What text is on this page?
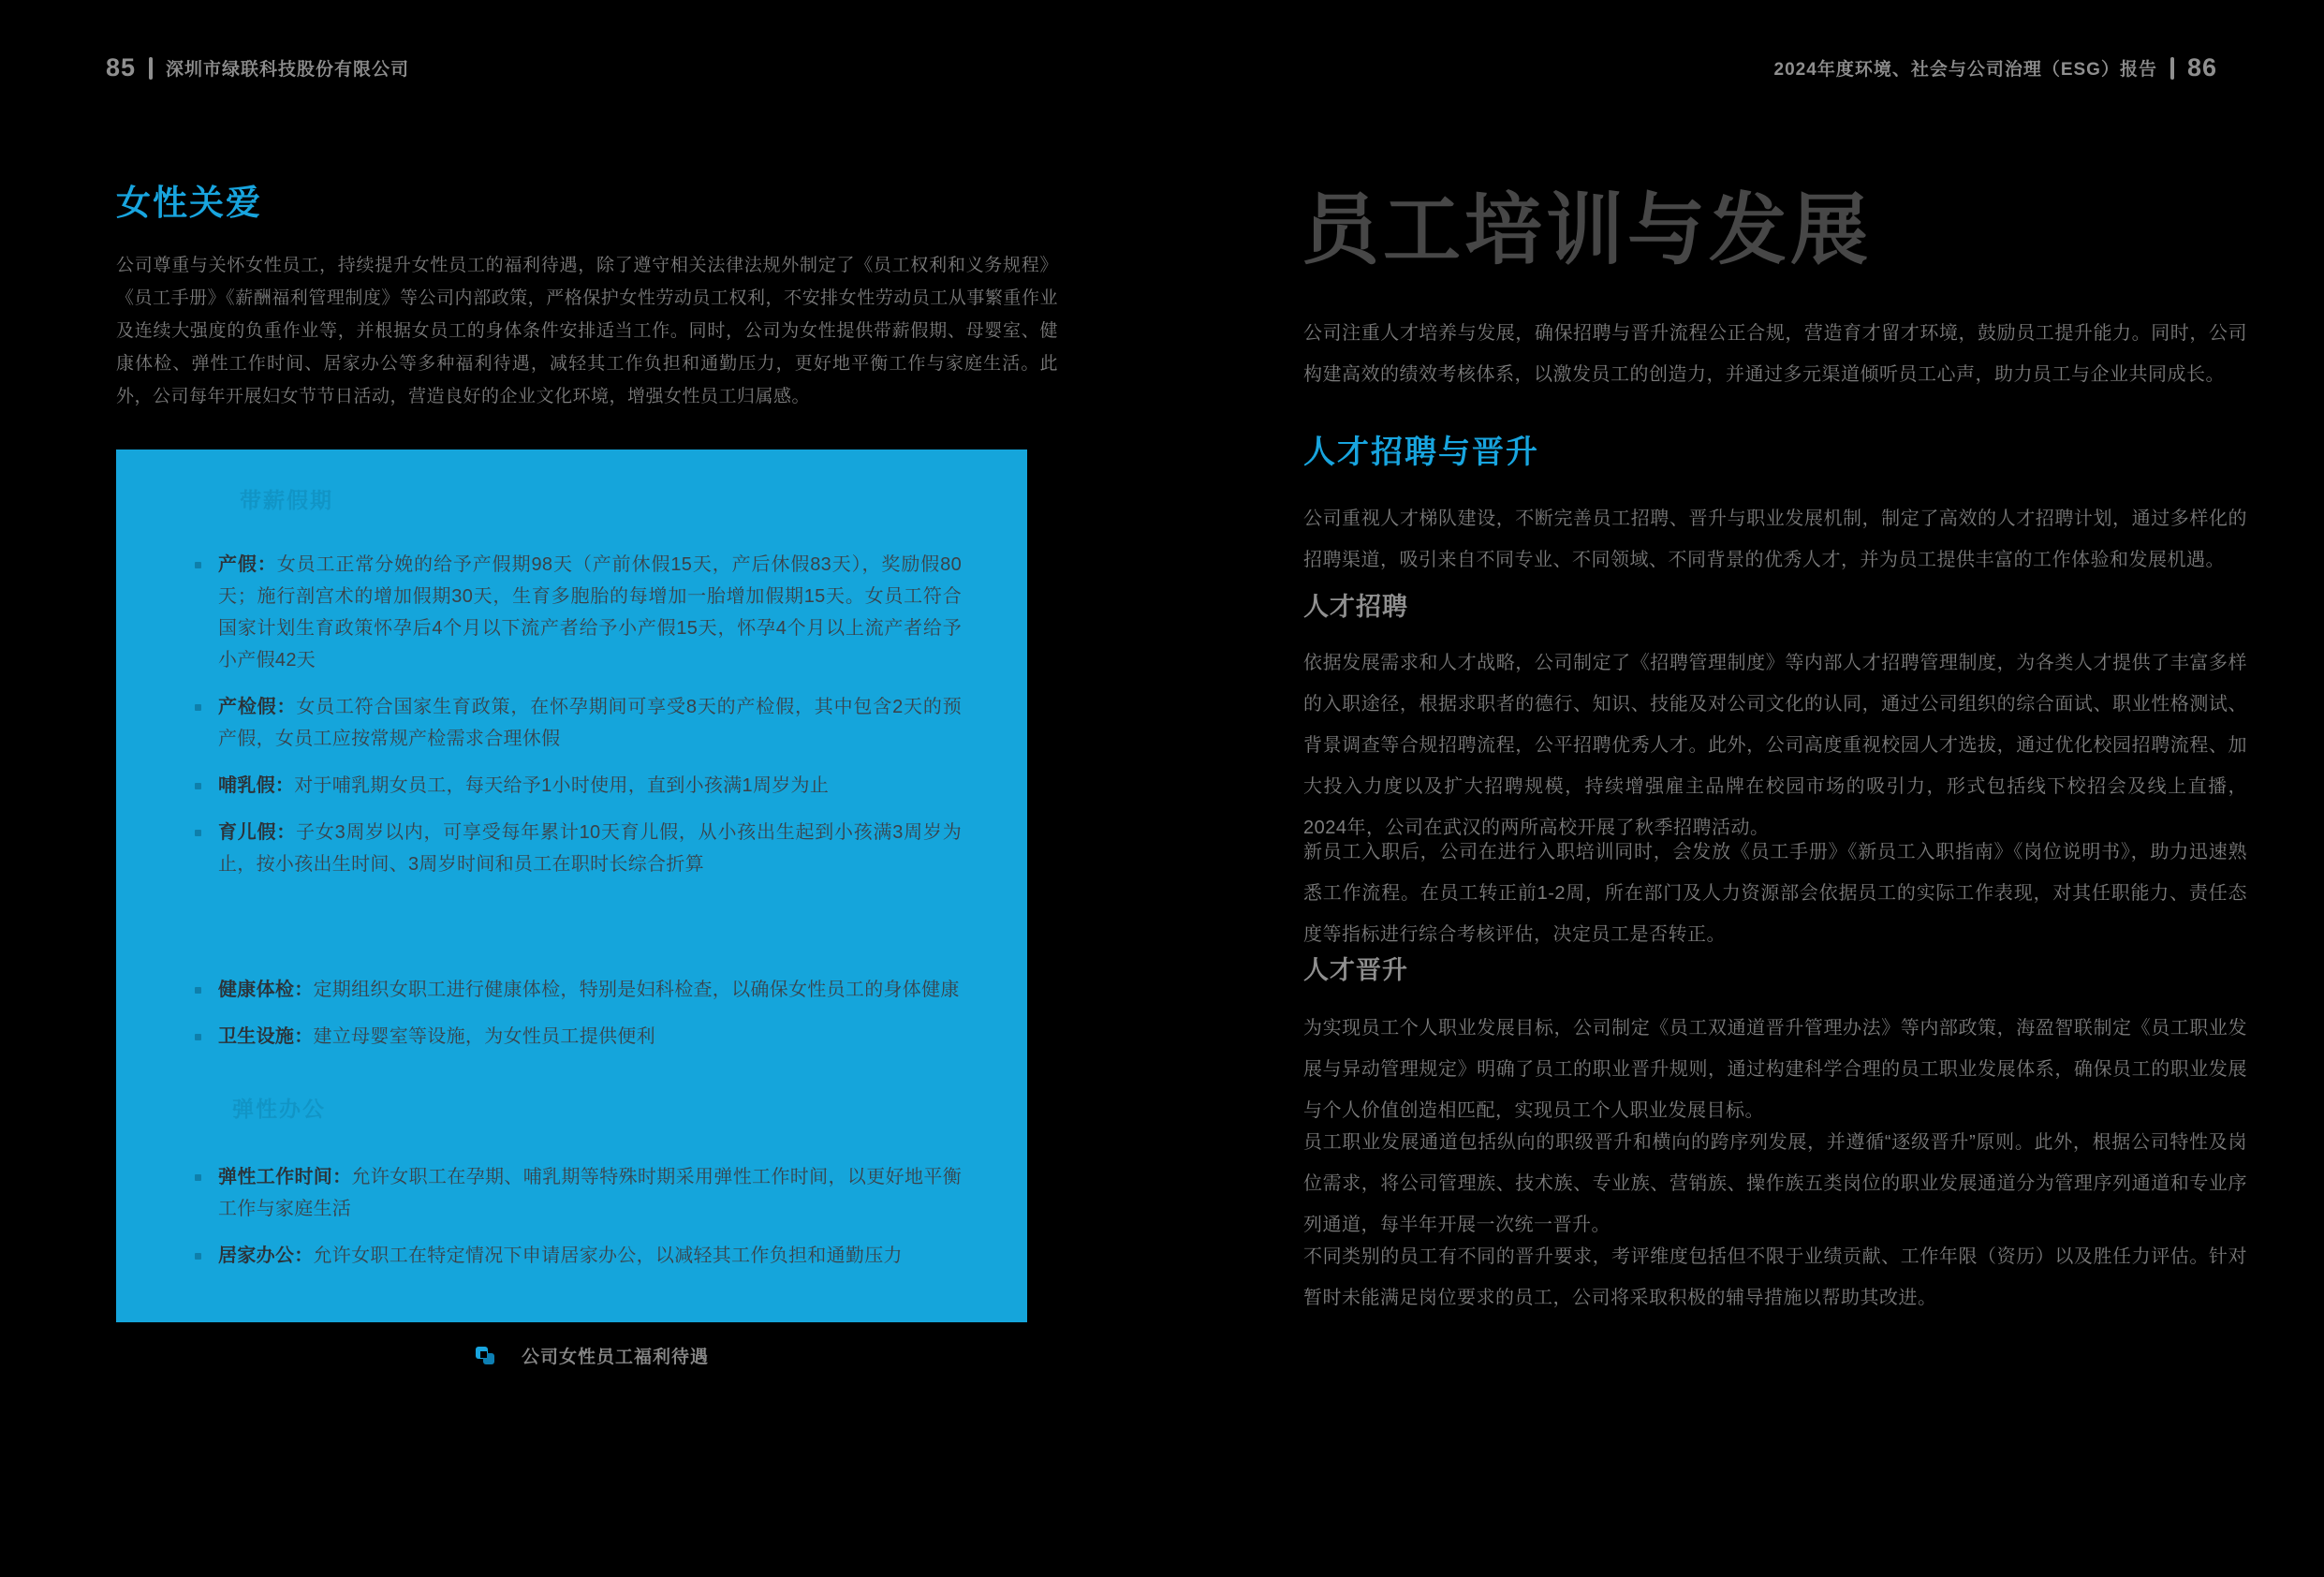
85 深圳市绿联科技股份有限公司	2024年度环境、社会与公司治理（ESG）报告 86
女性关爱

公司尊重与关怀女性员工，持续提升女性员工的福利待遇，除了遵守相关法律法规外制定了《员工权利和义务规程》《员工手册》《薪酬福利管理制度》等公司内部政策，严格保护女性劳动员工权利，不安排女性劳动员工从事繁重作业及连续大强度的负重作业等，并根据女员工的身体条件安排适当工作。同时，公司为女性提供带薪假期、母婴室、健康体检、弹性工作时间、居家办公等多种福利待遇，减轻其工作负担和通勤压力，更好地平衡工作与家庭生活。此外，公司每年开展妇女节节日活动，营造良好的企业文化环境，增强女性员工归属感。

带薪假期
产假：女员工正常分娩的给予产假期98天（产前休假15天，产后休假83天），奖励假80天；施行剖宫术的增加假期30天，生育多胞胎的每增加一胎增加假期15天。女员工符合国家计划生育政策怀孕后4个月以下流产者给予小产假15天，怀孕4个月以上流产者给予小产假42天
产检假：女员工符合国家生育政策，在怀孕期间可享受8天的产检假，其中包含2天的预产假，女员工应按常规产检需求合理休假
哺乳假：对于哺乳期女员工，每天给予1小时使用，直到小孩满1周岁为止
育儿假：子女3周岁以内，可享受每年累计10天育儿假，从小孩出生起到小孩满3周岁为止，按小孩出生时间、3周岁时间和员工在职时长综合折算
健康体检：定期组织女职工进行健康体检，特别是妇科检查，以确保女性员工的身体健康
卫生设施：建立母婴室等设施，为女性员工提供便利
弹性办公
弹性工作时间：允许女职工在孕期、哺乳期等特殊时期采用弹性工作时间，以更好地平衡工作与家庭生活
居家办公：允许女职工在特定情况下申请居家办公，以减轻其工作负担和通勤压力
公司女性员工福利待遇
员工培训与发展

公司注重人才培养与发展，确保招聘与晋升流程公正合规，营造育才留才环境，鼓励员工提升能力。同时，公司构建高效的绩效考核体系，以激发员工的创造力，并通过多元渠道倾听员工心声，助力员工与企业共同成长。

人才招聘与晋升

公司重视人才梯队建设，不断完善员工招聘、晋升与职业发展机制，制定了高效的人才招聘计划，通过多样化的招聘渠道，吸引来自不同专业、不同领域、不同背景的优秀人才，并为员工提供丰富的工作体验和发展机遇。

人才招聘

依据发展需求和人才战略，公司制定了《招聘管理制度》等内部人才招聘管理制度，为各类人才提供了丰富多样的入职途径，根据求职者的德行、知识、技能及对公司文化的认同，通过公司组织的综合面试、职业性格测试、背景调查等合规招聘流程，公平招聘优秀人才。此外，公司高度重视校园人才选拔，通过优化校园招聘流程、加大投入力度以及扩大招聘规模，持续增强雇主品牌在校园市场的吸引力，形式包括线下校招会及线上直播，2024年，公司在武汉的两所高校开展了秋季招聘活动。

新员工入职后，公司在进行入职培训同时，会发放《员工手册》《新员工入职指南》《岗位说明书》，助力迅速熟悉工作流程。在员工转正前1-2周，所在部门及人力资源部会依据员工的实际工作表现，对其任职能力、责任态度等指标进行综合考核评估，决定员工是否转正。

人才晋升

为实现员工个人职业发展目标，公司制定《员工双通道晋升管理办法》等内部政策，海盈智联制定《员工职业发展与异动管理规定》明确了员工的职业晋升规则，通过构建科学合理的员工职业发展体系，确保员工的职业发展与个人价值创造相匹配，实现员工个人职业发展目标。

员工职业发展通道包括纵向的职级晋升和横向的跨序列发展，并遵循“逐级晋升”原则。此外，根据公司特性及岗位需求，将公司管理族、技术族、专业族、营销族、操作族五类岗位的职业发展通道分为管理序列通道和专业序列通道，每半年开展一次统一晋升。

不同类别的员工有不同的晋升要求，考评维度包括但不限于业绩贡献、工作年限（资历）以及胜任力评估。针对暂时未能满足岗位要求的员工，公司将采取积极的辅导措施以帮助其改进。
